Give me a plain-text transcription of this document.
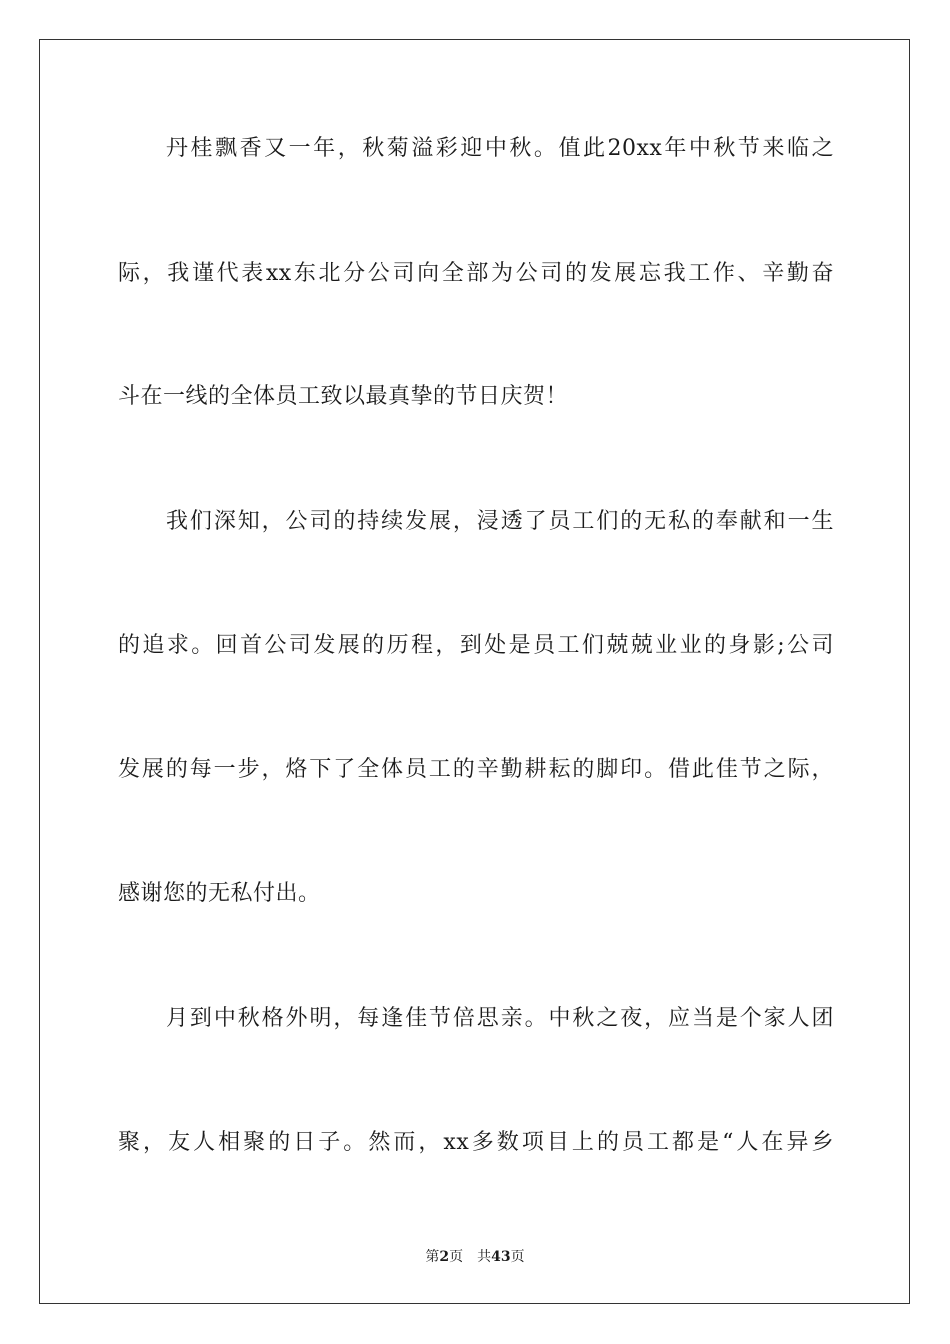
丹桂飘香又一年，秋菊溢彩迎中秋。值此20xx年中秋节来临之
际，我谨代表xx东北分公司向全部为公司的发展忘我工作、辛勤奋
斗在一线的全体员工致以最真挚的节日庆贺！
我们深知，公司的持续发展，浸透了员工们的无私的奉献和一生
的追求。回首公司发展的历程，到处是员工们兢兢业业的身影;公司
发展的每一步，烙下了全体员工的辛勤耕耘的脚印。借此佳节之际，
感谢您的无私付出。
月到中秋格外明，每逢佳节倍思亲。中秋之夜，应当是个家人团
聚，友人相聚的日子。然而，xx多数项目上的员工都是“人在异乡
第2页 共43页
